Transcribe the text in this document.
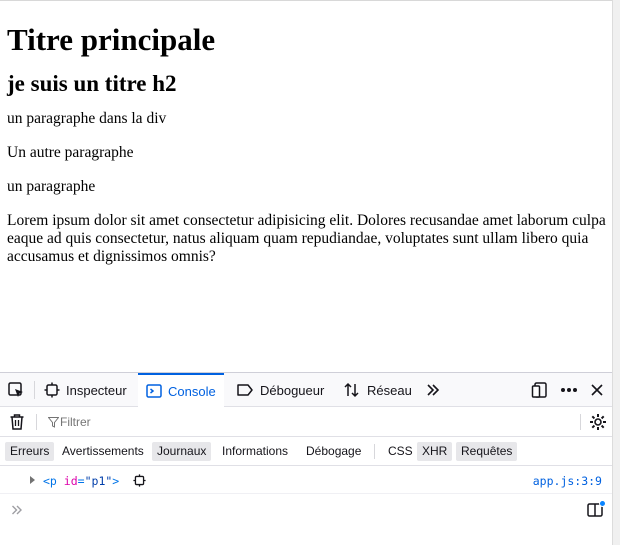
Titre principale
je suis un titre h2

un paragraphe dans la div

Un autre paragraphe

un paragraphe

Lorem ipsum dolor sit amet consectetur adipisicing elit. Dolores recusandae amet laborum culpa eaque ad quis consectetur, natus aliquam quam repudiandae, voluptates sunt ullam libero quia accusamus et dignissimos omnis?

Inspecteur	Console	Débogueur	Réseau
Filtrer
Erreurs	Avertissements	Journaux	Informations	Débogage	CSS XHR	Requêtes
<p id="p1">	app.js:3:9
